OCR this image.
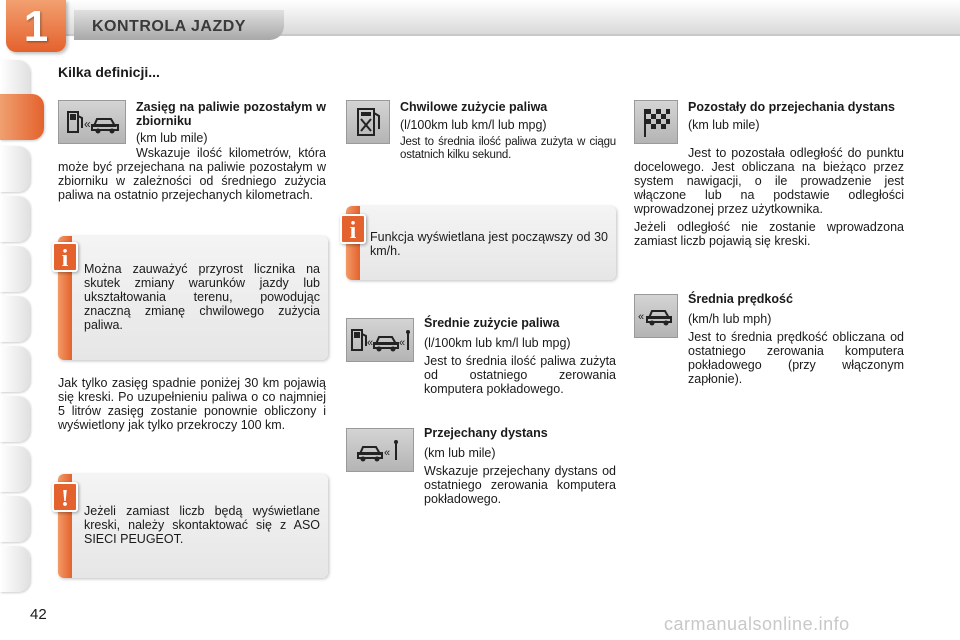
1	KONTROLA JAZDY
Kilka definicji...
«
Zasięg na paliwie pozostałym w zbiorniku

(km lub mile)

Wskazuje ilość kilometrów, która może być przejechana na paliwie pozostałym w zbiorniku w zależności od średniego zużycia paliwa na ostatnio przejechanych kilometrach.

i	Można zauważyć przyrost licznika na skutek zmiany warunków jazdy lub ukształtowania terenu, powodując znaczną zmianę chwilowego zużycia paliwa.

Jak tylko zasięg spadnie poniżej 30 km pojawią się kreski. Po uzupełnieniu paliwa o co najmniej 5 litrów zasięg zostanie ponownie obliczony i wyświetlony jak tylko przekroczy 100 km.

!	Jeżeli zamiast liczb będą wyświetlane kreski, należy skontaktować się z ASO SIECI PEUGEOT.
Chwilowe zużycie paliwa

(l/100km lub km/l lub mpg)

Jest to średnia ilość paliwa zużyta w ciągu ostatnich kilku sekund.

i	Funkcja wyświetlana jest począwszy od 30 km/h.
« «
Średnie zużycie paliwa

(l/100km lub km/l lub mpg)

Jest to średnia ilość paliwa zużyta od ostatniego zerowania komputera pokładowego.

«
Przejechany dystans

(km lub mile)

Wskazuje przejechany dystans od ostatniego zerowania komputera pokładowego.

Pozostały do przejechania dystans

(km lub mile)

Jest to pozostała odległość do punktu docelowego. Jest obliczana na bieżąco przez system nawigacji, o ile prowadzenie jest włączone lub na podstawie odległości wprowadzonej przez użytkownika.

Jeżeli odległość nie zostanie wprowadzona zamiast liczb pojawią się kreski.

«
Średnia prędkość

(km/h lub mph)

Jest to średnia prędkość obliczana od ostatniego zerowania komputera pokładowego (przy włączonym zapłonie).

42	carmanualsonline.info
